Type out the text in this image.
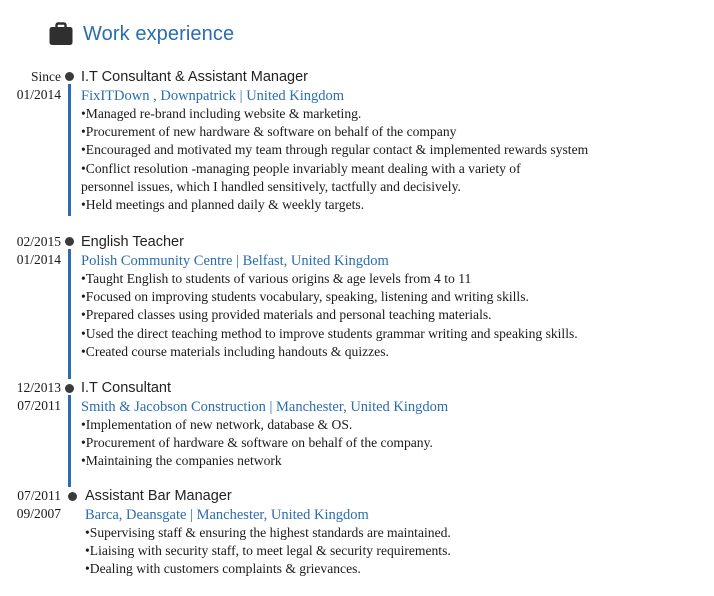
Work experience
Since
01/2014
I.T Consultant & Assistant Manager
FixITDown , Downpatrick | United Kingdom
•Managed re-brand including website & marketing.
•Procurement of new hardware & software on behalf of the company
•Encouraged and motivated my team through regular contact & implemented rewards system
•Conflict resolution -managing people invariably meant dealing with a variety of
personnel issues, which I handled sensitively, tactfully and decisively.
•Held meetings and planned daily & weekly targets.
02/2015
01/2014
English Teacher
Polish Community Centre | Belfast, United Kingdom
•Taught English to students of various origins & age levels from 4 to 11
•Focused on improving students vocabulary, speaking, listening and writing skills.
•Prepared classes using provided materials and personal teaching materials.
•Used the direct teaching method to improve students grammar writing and speaking skills.
•Created course materials including handouts & quizzes.
12/2013
07/2011
I.T Consultant
Smith & Jacobson Construction | Manchester, United Kingdom
•Implementation of new network, database & OS.
•Procurement of hardware & software on behalf of the company.
•Maintaining the companies network
07/2011
09/2007
Assistant Bar Manager
Barca, Deansgate | Manchester, United Kingdom
•Supervising staff & ensuring the highest standards are maintained.
•Liaising with security staff, to meet legal & security requirements.
•Dealing with customers complaints & grievances.
